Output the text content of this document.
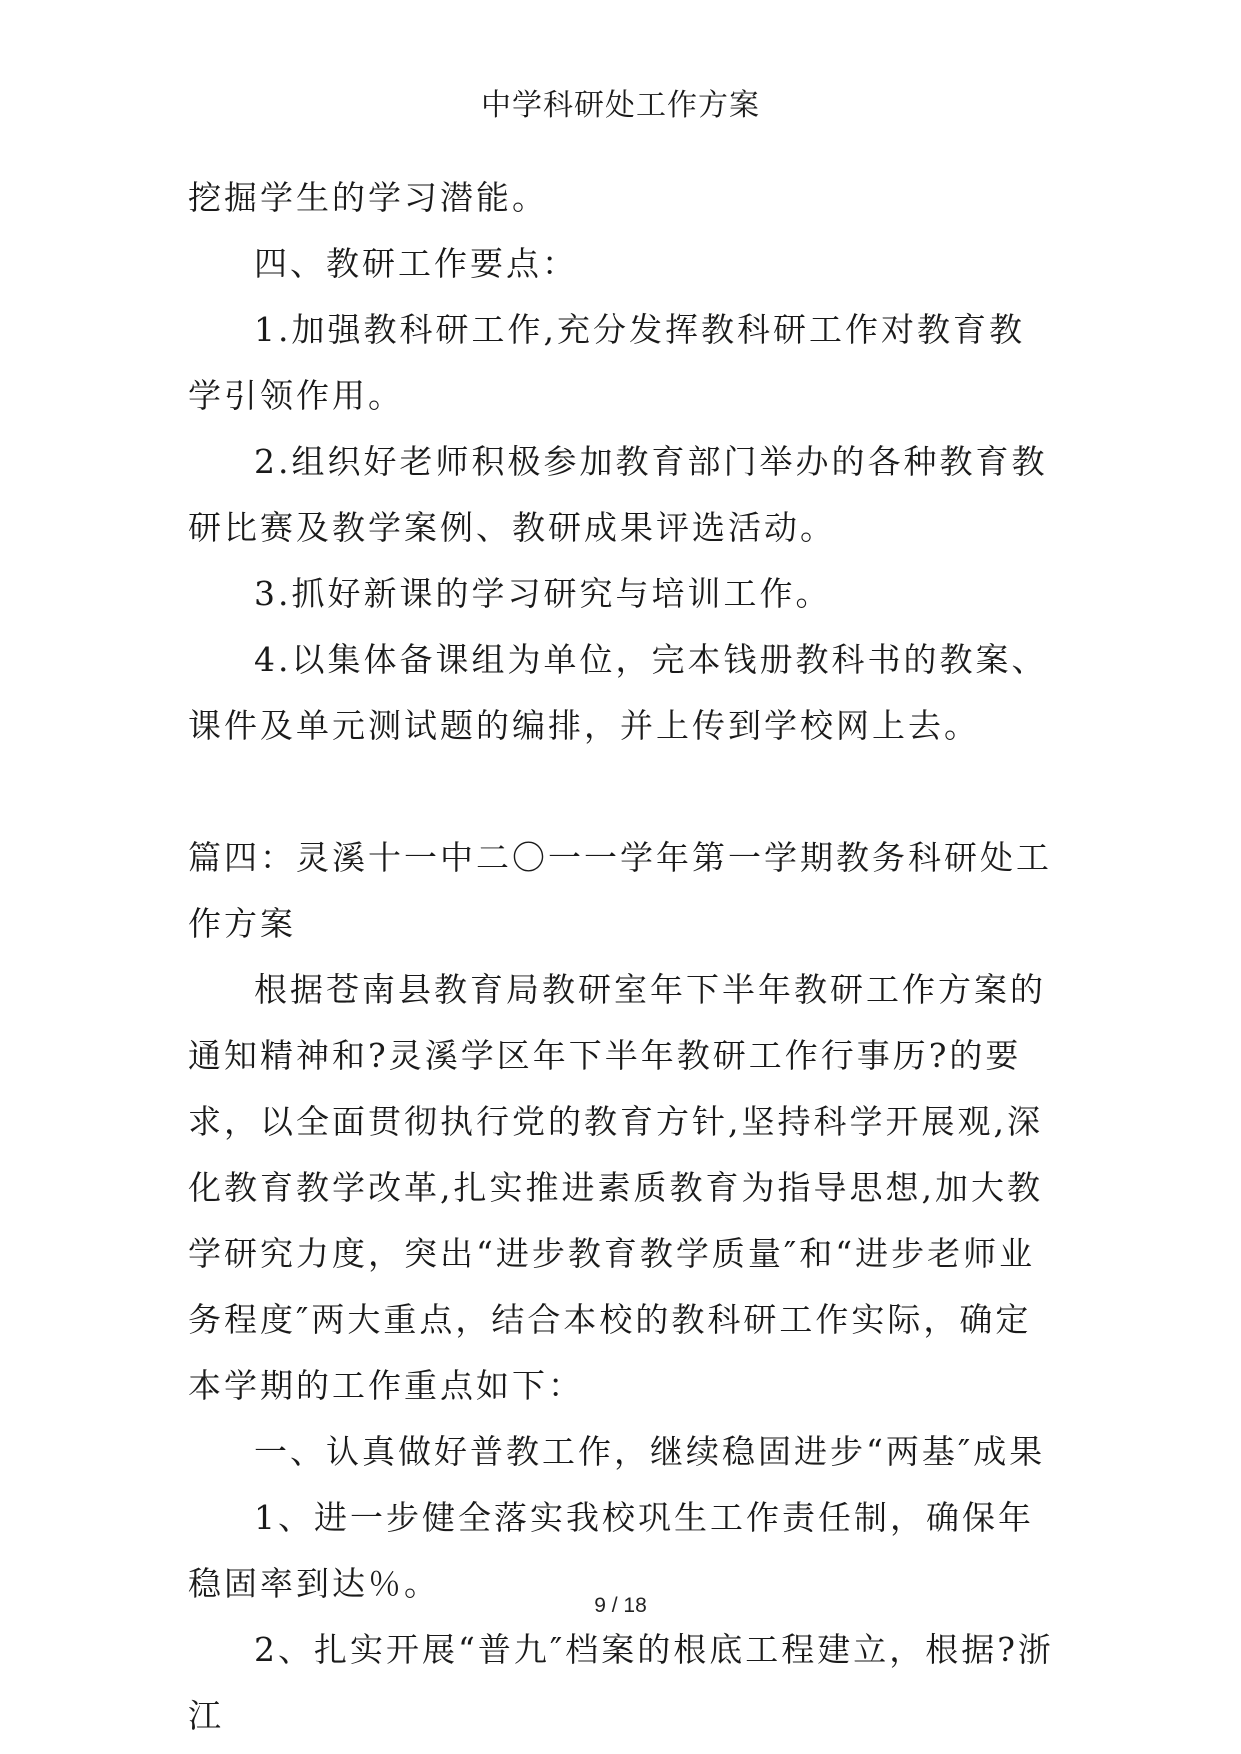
中学科研处工作方案

挖掘学生的学习潜能。

四、教研工作要点：

1.加强教科研工作,充分发挥教科研工作对教育教学引领作用。

2.组织好老师积极参加教育部门举办的各种教育教研比赛及教学案例、教研成果评选活动。

3.抓好新课的学习研究与培训工作。

4.以集体备课组为单位，完本钱册教科书的教案、课件及单元测试题的编排，并上传到学校网上去。

篇四：灵溪十一中二〇一一学年第一学期教务科研处工作方案

根据苍南县教育局教研室年下半年教研工作方案的通知精神和?灵溪学区年下半年教研工作行事历?的要求，以全面贯彻执行党的教育方针,坚持科学开展观,深化教育教学改革,扎实推进素质教育为指导思想,加大教学研究力度，突出“进步教育教学质量″和“进步老师业务程度″两大重点，结合本校的教科研工作实际，确定本学期的工作重点如下：

一、认真做好普教工作，继续稳固进步“两基″成果

1、进一步健全落实我校巩生工作责任制，确保年稳固率到达％。

2、扎实开展“普九″档案的根底工程建立，根据?浙江

9 / 18
